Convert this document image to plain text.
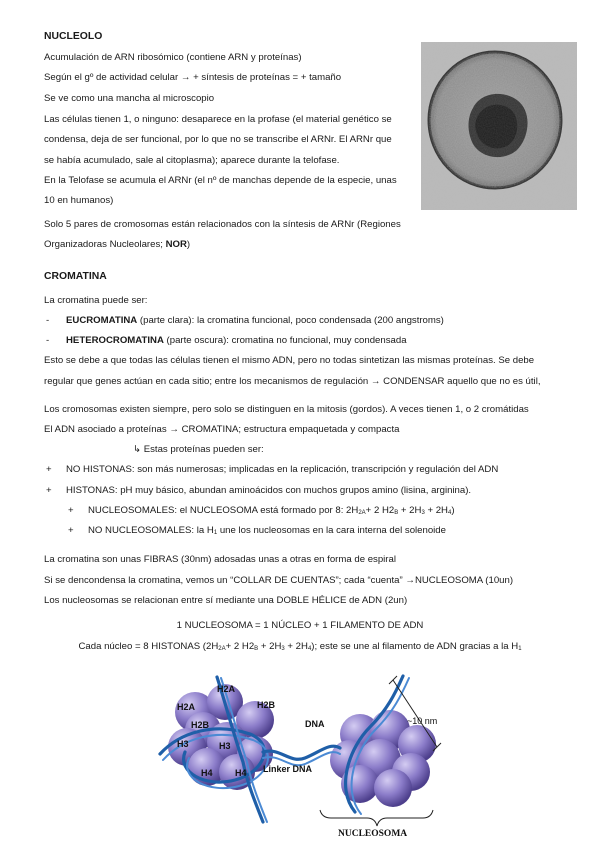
NUCLEOLO
Acumulación de ARN ribosómico (contiene ARN y proteínas)
Según el gº de actividad celular → + síntesis de proteínas = + tamaño
Se ve como una mancha al microscopio
Las células tienen 1, o ninguno: desaparece en la profase (el material genético se
condensa, deja de ser funcional, por lo que no se transcribe el ARNr. El ARNr que
se había acumulado, sale al citoplasma); aparece durante la telofase.
En la Telofase se acumula el ARNr (el nº de manchas depende de la especie, unas
10 en humanos)
Solo 5 pares de cromosomas están relacionados con la síntesis de ARNr (Regiones
Organizadoras Nucleolares; NOR)
CROMATINA
La cromatina puede ser:
- EUCROMATINA (parte clara): la cromatina funcional, poco condensada (200 angstroms)
- HETEROCROMATINA (parte oscura): cromatina no funcional, muy condensada
Esto se debe a que todas las células tienen el mismo ADN, pero no todas sintetizan las mismas proteínas. Se debe
regular que genes actúan en cada sitio; entre los mecanismos de regulación → CONDENSAR aquello que no es útil,
Los cromosomas existen siempre, pero solo se distinguen en la mitosis (gordos). A veces tienen 1, o 2 cromátidas
El ADN asociado a proteínas → CROMATINA; estructura empaquetada y compacta
↳ Estas proteínas pueden ser:
+ NO HISTONAS: son más numerosas; implicadas en la replicación, transcripción y regulación del ADN
+ HISTONAS: pH muy básico, abundan aminoácidos con muchos grupos amino (lisina, arginina).
+ NUCLEOSOMALES: el NUCLEOSOMA está formado por 8: 2H2A+ 2 H2B + 2H3 + 2H4)
+ NO NUCLEOSOMALES: la H1 une los nucleosomas en la cara interna del solenoide
La cromatina son unas FIBRAS (30nm) adosadas unas a otras en forma de espiral
Si se dencondensa la cromatina, vemos un “COLLAR DE CUENTAS”; cada “cuenta” →NUCLEOSOMA (10un)
Los nucleosomas se relacionan entre sí mediante una DOBLE HÉLICE de ADN (2un)
1 NUCLEOSOMA = 1 NÚCLEO + 1 FILAMENTO DE ADN
Cada núcleo = 8 HISTONAS (2H2A+ 2 H2B + 2H3 + 2H4); este se une al filamento de ADN gracias a la H1
H2A
H2A	H2B
H2B
H3	H3
H4 H4
DNA
Linker DNA
~10 nm
NUCLEOSOMA
